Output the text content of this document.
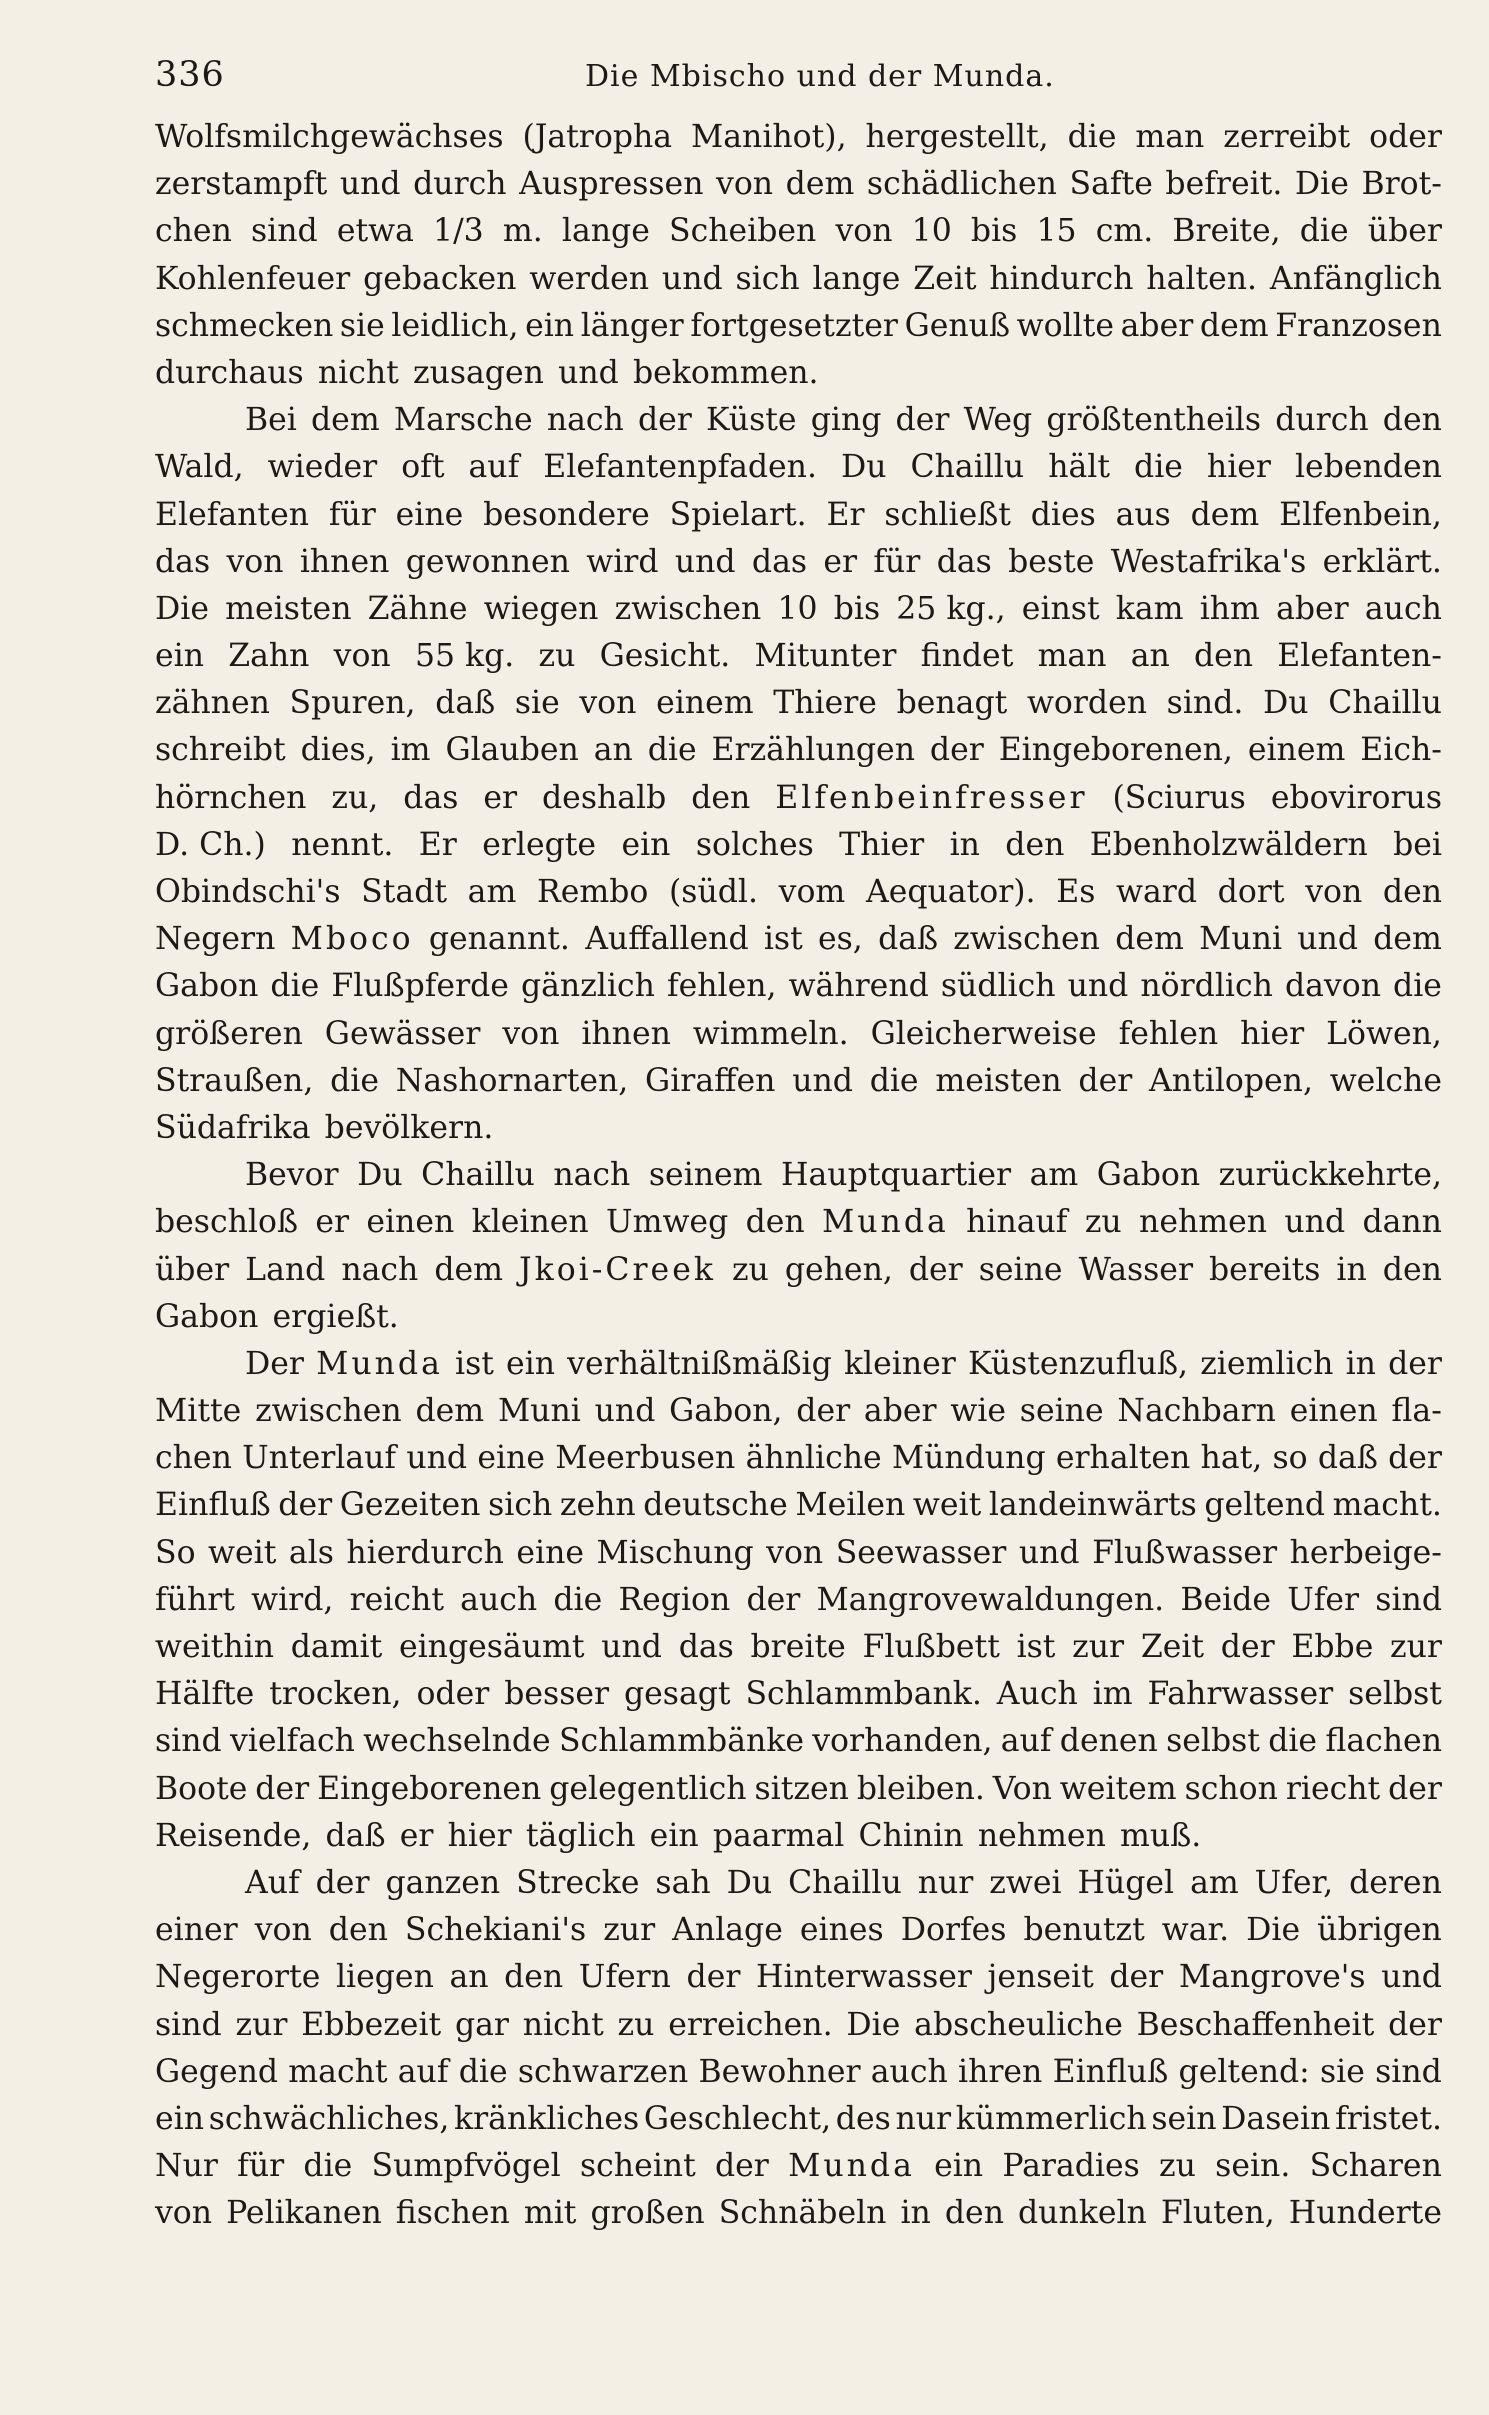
336	Die Mbischo und der Munda.
Wolfsmilchgewächses (Jatropha Manihot), hergestellt, die man zerreibt oder
zerstampft und durch Auspressen von dem schädlichen Safte befreit. Die Brot-
chen sind etwa 1/3 m. lange Scheiben von 10 bis 15 cm. Breite, die über
Kohlenfeuer gebacken werden und sich lange Zeit hindurch halten. Anfänglich
schmecken sie leidlich, ein länger fortgesetzter Genuß wollte aber dem Franzosen
durchaus nicht zusagen und bekommen.
Bei dem Marsche nach der Küste ging der Weg größtentheils durch den
Wald, wieder oft auf Elefantenpfaden. Du Chaillu hält die hier lebenden
Elefanten für eine besondere Spielart. Er schließt dies aus dem Elfenbein,
das von ihnen gewonnen wird und das er für das beste Westafrika's erklärt.
Die meisten Zähne wiegen zwischen 10 bis 25 kg., einst kam ihm aber auch
ein Zahn von 55 kg. zu Gesicht. Mitunter findet man an den Elefanten-
zähnen Spuren, daß sie von einem Thiere benagt worden sind. Du Chaillu
schreibt dies, im Glauben an die Erzählungen der Eingeborenen, einem Eich-
hörnchen zu, das er deshalb den Elfenbeinfresser (Sciurus ebovirorus
D. Ch.) nennt. Er erlegte ein solches Thier in den Ebenholzwäldern bei
Obindschi's Stadt am Rembo (südl. vom Aequator). Es ward dort von den
Negern Mboco genannt. Auffallend ist es, daß zwischen dem Muni und dem
Gabon die Flußpferde gänzlich fehlen, während südlich und nördlich davon die
größeren Gewässer von ihnen wimmeln. Gleicherweise fehlen hier Löwen,
Straußen, die Nashornarten, Giraffen und die meisten der Antilopen, welche
Südafrika bevölkern.
Bevor Du Chaillu nach seinem Hauptquartier am Gabon zurückkehrte,
beschloß er einen kleinen Umweg den Munda hinauf zu nehmen und dann
über Land nach dem Jkoi-Creek zu gehen, der seine Wasser bereits in den
Gabon ergießt.
Der Munda ist ein verhältnißmäßig kleiner Küstenzufluß, ziemlich in der
Mitte zwischen dem Muni und Gabon, der aber wie seine Nachbarn einen fla-
chen Unterlauf und eine Meerbusen ähnliche Mündung erhalten hat, so daß der
Einfluß der Gezeiten sich zehn deutsche Meilen weit landeinwärts geltend macht.
So weit als hierdurch eine Mischung von Seewasser und Flußwasser herbeige-
führt wird, reicht auch die Region der Mangrovewaldungen. Beide Ufer sind
weithin damit eingesäumt und das breite Flußbett ist zur Zeit der Ebbe zur
Hälfte trocken, oder besser gesagt Schlammbank. Auch im Fahrwasser selbst
sind vielfach wechselnde Schlammbänke vorhanden, auf denen selbst die flachen
Boote der Eingeborenen gelegentlich sitzen bleiben. Von weitem schon riecht der
Reisende, daß er hier täglich ein paarmal Chinin nehmen muß.
Auf der ganzen Strecke sah Du Chaillu nur zwei Hügel am Ufer, deren
einer von den Schekiani's zur Anlage eines Dorfes benutzt war. Die übrigen
Negerorte liegen an den Ufern der Hinterwasser jenseit der Mangrove's und
sind zur Ebbezeit gar nicht zu erreichen. Die abscheuliche Beschaffenheit der
Gegend macht auf die schwarzen Bewohner auch ihren Einfluß geltend: sie sind
ein schwächliches, kränkliches Geschlecht, des nur kümmerlich sein Dasein fristet.
Nur für die Sumpfvögel scheint der Munda ein Paradies zu sein. Scharen
von Pelikanen fischen mit großen Schnäbeln in den dunkeln Fluten, Hunderte
